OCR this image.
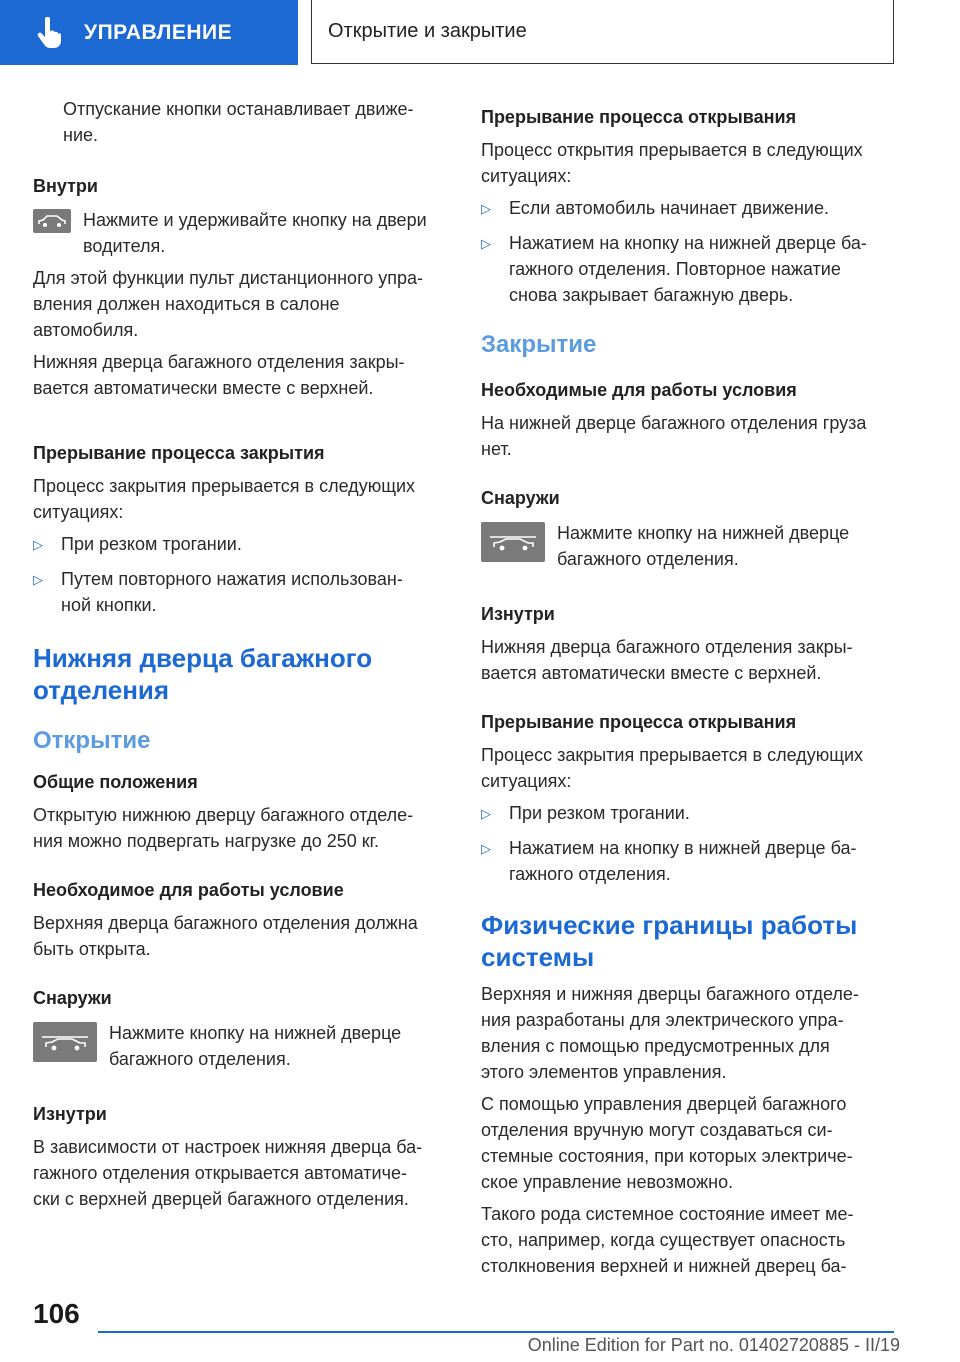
УПРАВЛЕНИЕ	Открытие и закрытие

Отпускание кнопки останавливает движе-
ние.

Внутри

Нажмите и удерживайте кнопку на двери
водителя.

Для этой функции пульт дистанционного упра-
вления должен находиться в салоне
автомобиля.

Нижняя дверца багажного отделения закры-
вается автоматически вместе с верхней.

Прерывание процесса закрытия

Процесс закрытия прерывается в следующих
ситуациях:

▷	При резком трогании.
▷	Путем повторного нажатия использован-
ной кнопки.

Нижняя дверца багажного
отделения

Открытие

Общие положения

Открытую нижнюю дверцу багажного отделе-
ния можно подвергать нагрузке до 250 кг.

Необходимое для работы условие

Верхняя дверца багажного отделения должна
быть открыта.

Снаружи

Нажмите кнопку на нижней дверце
багажного отделения.

Изнутри

В зависимости от настроек нижняя дверца ба-
гажного отделения открывается автоматиче-
ски с верхней дверцей багажного отделения.

Прерывание процесса открывания

Процесс открытия прерывается в следующих
ситуациях:

▷	Если автомобиль начинает движение.
▷	Нажатием на кнопку на нижней дверце ба-
гажного отделения. Повторное нажатие
снова закрывает багажную дверь.

Закрытие

Необходимые для работы условия

На нижней дверце багажного отделения груза
нет.

Снаружи

Нажмите кнопку на нижней дверце
багажного отделения.

Изнутри

Нижняя дверца багажного отделения закры-
вается автоматически вместе с верхней.

Прерывание процесса открывания

Процесс закрытия прерывается в следующих
ситуациях:

▷	При резком трогании.
▷	Нажатием на кнопку в нижней дверце ба-
гажного отделения.

Физические границы работы
системы

Верхняя и нижняя дверцы багажного отделе-
ния разработаны для электрического упра-
вления с помощью предусмотренных для
этого элементов управления.

С помощью управления дверцей багажного
отделения вручную могут создаваться си-
стемные состояния, при которых электриче-
ское управление невозможно.

Такого рода системное состояние имеет ме-
сто, например, когда существует опасность
столкновения верхней и нижней дверец ба-

106
Online Edition for Part no. 01402720885 - II/19
